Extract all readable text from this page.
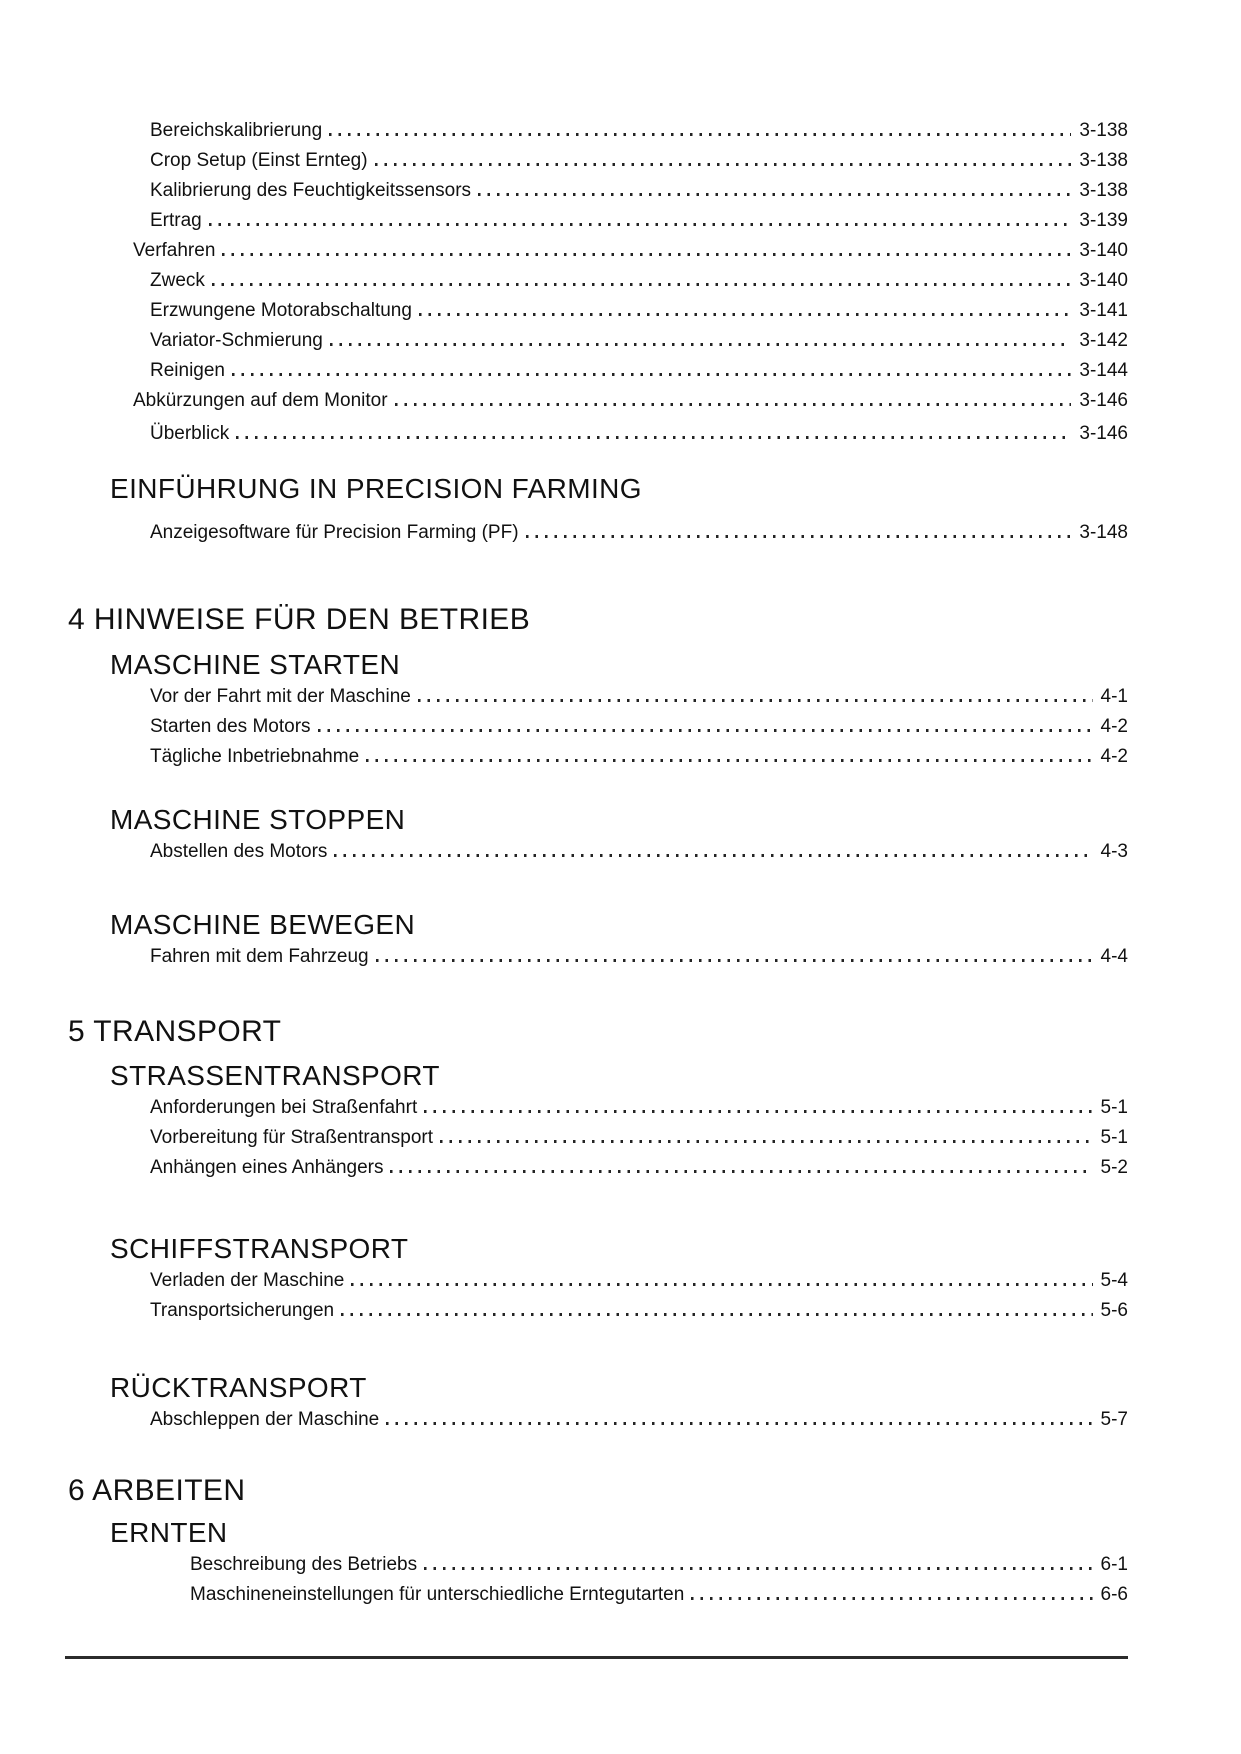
Bereichskalibrierung	3-138
Crop Setup (Einst Ernteg)	3-138
Kalibrierung des Feuchtigkeitssensors	3-138
Ertrag	3-139
Verfahren	3-140
Zweck	3-140
Erzwungene Motorabschaltung	3-141
Variator-Schmierung	3-142
Reinigen	3-144
Abkürzungen auf dem Monitor	3-146
Überblick	3-146
EINFÜHRUNG IN PRECISION FARMING
Anzeigesoftware für Precision Farming (PF)	3-148
4 HINWEISE FÜR DEN BETRIEB
MASCHINE STARTEN
Vor der Fahrt mit der Maschine	4-1
Starten des Motors	4-2
Tägliche Inbetriebnahme	4-2
MASCHINE STOPPEN
Abstellen des Motors	4-3
MASCHINE BEWEGEN
Fahren mit dem Fahrzeug	4-4
5 TRANSPORT
STRASSENTRANSPORT
Anforderungen bei Straßenfahrt	5-1
Vorbereitung für Straßentransport	5-1
Anhängen eines Anhängers	5-2
SCHIFFSTRANSPORT
Verladen der Maschine	5-4
Transportsicherungen	5-6
RÜCKTRANSPORT
Abschleppen der Maschine	5-7
6 ARBEITEN
ERNTEN
Beschreibung des Betriebs	6-1
Maschineneinstellungen für unterschiedliche Erntegutarten	6-6
